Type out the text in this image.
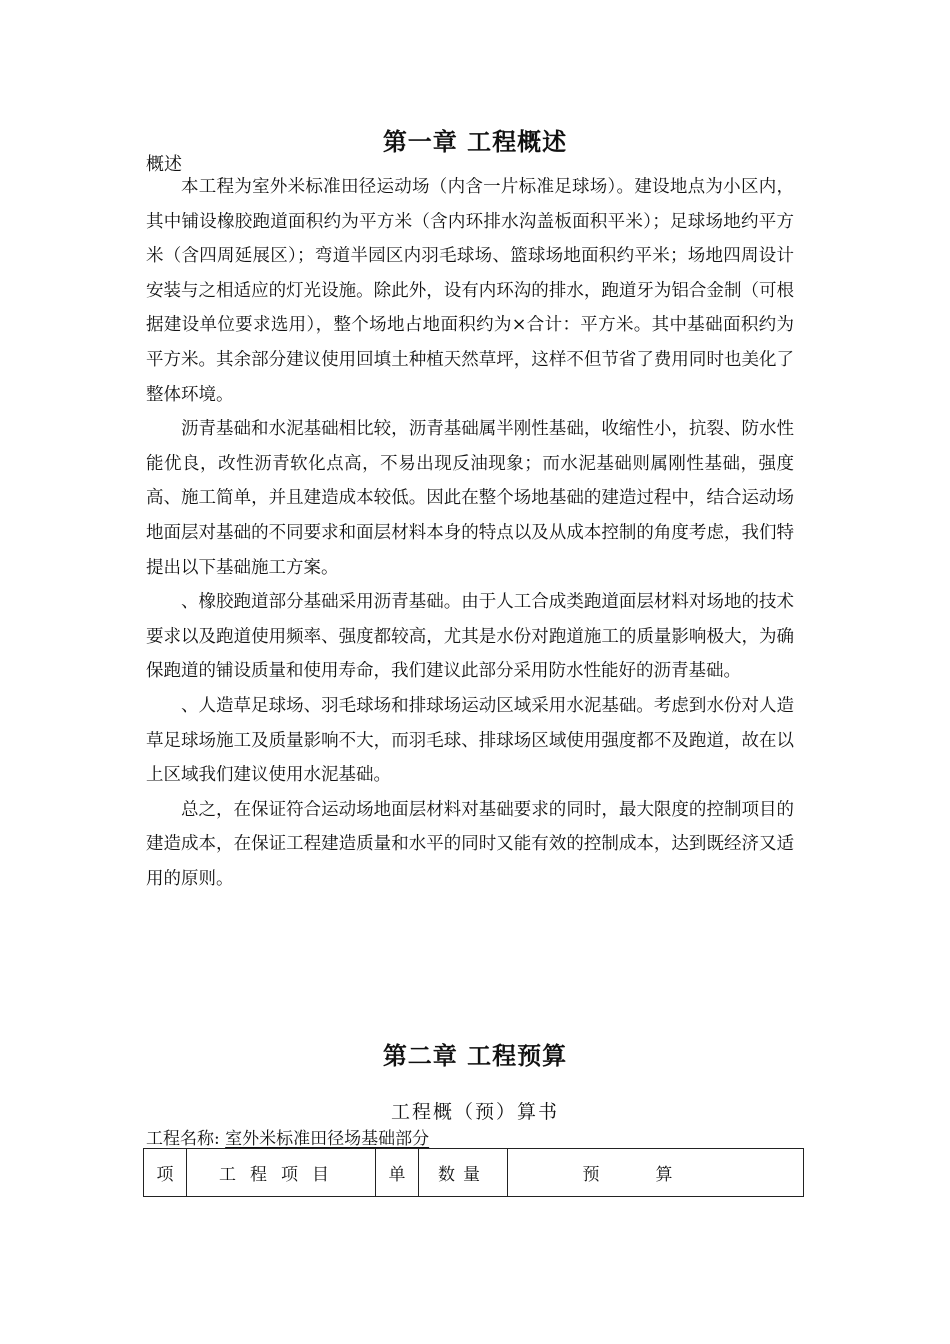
第一章 工程概述
概述

本工程为室外米标准田径运动场（内含一片标准足球场）。建设地点为小区内，其中铺设橡胶跑道面积约为平方米（含内环排水沟盖板面积平米）；足球场地约平方米（含四周延展区）；弯道半园区内羽毛球场、篮球场地面积约平米；场地四周设计安装与之相适应的灯光设施。除此外，设有内环沟的排水，跑道牙为铝合金制（可根据建设单位要求选用），整个场地占地面积约为×合计：平方米。其中基础面积约为平方米。其余部分建议使用回填土种植天然草坪，这样不但节省了费用同时也美化了整体环境。

沥青基础和水泥基础相比较，沥青基础属半刚性基础，收缩性小，抗裂、防水性能优良，改性沥青软化点高，不易出现反油现象；而水泥基础则属刚性基础，强度高、施工简单，并且建造成本较低。因此在整个场地基础的建造过程中，结合运动场地面层对基础的不同要求和面层材料本身的特点以及从成本控制的角度考虑，我们特提出以下基础施工方案。

、橡胶跑道部分基础采用沥青基础。由于人工合成类跑道面层材料对场地的技术要求以及跑道使用频率、强度都较高，尤其是水份对跑道施工的质量影响极大，为确保跑道的铺设质量和使用寿命，我们建议此部分采用防水性能好的沥青基础。

、人造草足球场、羽毛球场和排球场运动区域采用水泥基础。考虑到水份对人造草足球场施工及质量影响不大，而羽毛球、排球场区域使用强度都不及跑道，故在以上区域我们建议使用水泥基础。

总之，在保证符合运动场地面层材料对基础要求的同时，最大限度的控制项目的建造成本，在保证工程建造质量和水平的同时又能有效的控制成本，达到既经济又适用的原则。

第二章 工程预算
工程概（预）算书
工程名称: 室外米标准田径场基础部分
项	工程项目	单	数量	预算
